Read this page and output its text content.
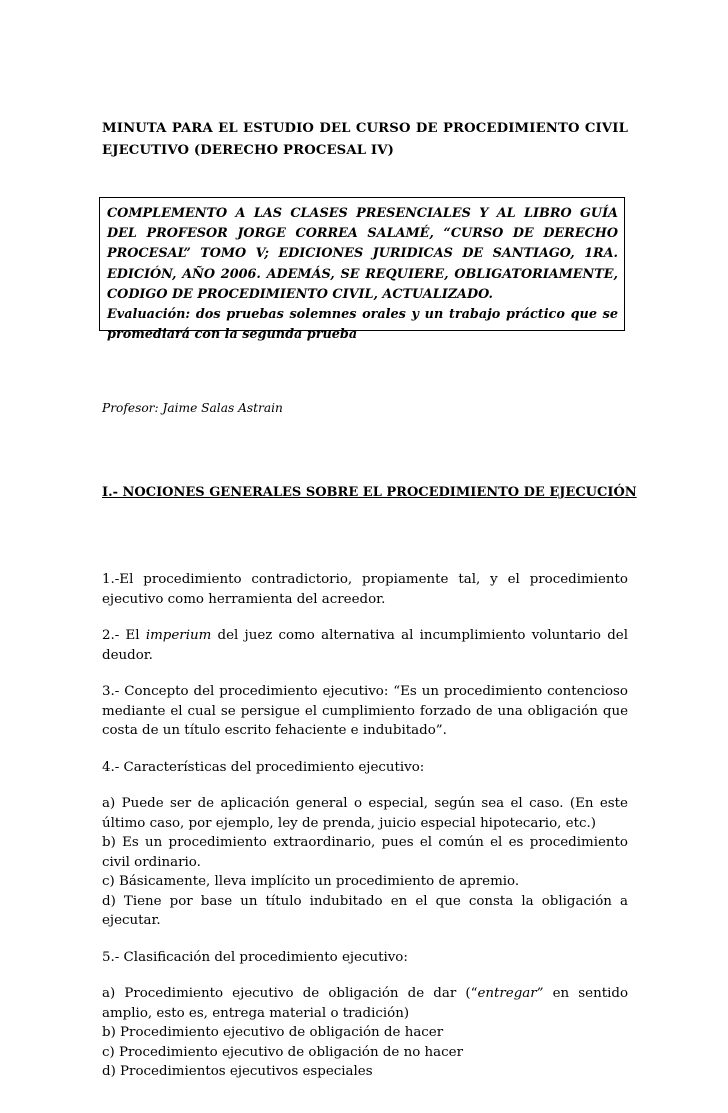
MINUTA PARA EL ESTUDIO DEL CURSO DE PROCEDIMIENTO CIVIL
EJECUTIVO (DERECHO PROCESAL IV)

COMPLEMENTO A LAS CLASES PRESENCIALES Y AL LIBRO GUÍA DEL PROFESOR JORGE CORREA SALAMÉ, “CURSO DE DERECHO PROCESAL” TOMO V; EDICIONES JURIDICAS DE SANTIAGO, 1RA. EDICIÓN, AÑO 2006. ADEMÁS, SE REQUIERE, OBLIGATORIAMENTE, CODIGO DE PROCEDIMIENTO CIVIL, ACTUALIZADO.

Evaluación: dos pruebas solemnes orales y un trabajo práctico que se promediará con la segunda prueba

Profesor: Jaime Salas Astrain
I.- NOCIONES GENERALES SOBRE EL PROCEDIMIENTO DE EJECUCIÓN

1.-El procedimiento contradictorio, propiamente tal, y el procedimiento ejecutivo como herramienta del acreedor.

2.- El imperium del juez como alternativa al incumplimiento voluntario del deudor.

3.- Concepto del procedimiento ejecutivo: “Es un procedimiento contencioso mediante el cual se persigue el cumplimiento forzado de una obligación que costa de un título escrito fehaciente e indubitado”.

4.- Características del procedimiento ejecutivo:

a) Puede ser de aplicación general o especial, según sea el caso. (En este último caso, por ejemplo, ley de prenda, juicio especial hipotecario, etc.)

b) Es un procedimiento extraordinario, pues el común el es procedimiento civil ordinario.

c) Básicamente, lleva implícito un procedimiento de apremio.

d) Tiene por base un título indubitado en el que consta la obligación a ejecutar.

5.- Clasificación del procedimiento ejecutivo:

a) Procedimiento ejecutivo de obligación de dar (“entregar” en sentido amplio, esto es, entrega material o tradición)

b) Procedimiento ejecutivo de obligación de hacer

c) Procedimiento ejecutivo de obligación de no hacer

d) Procedimientos ejecutivos especiales
